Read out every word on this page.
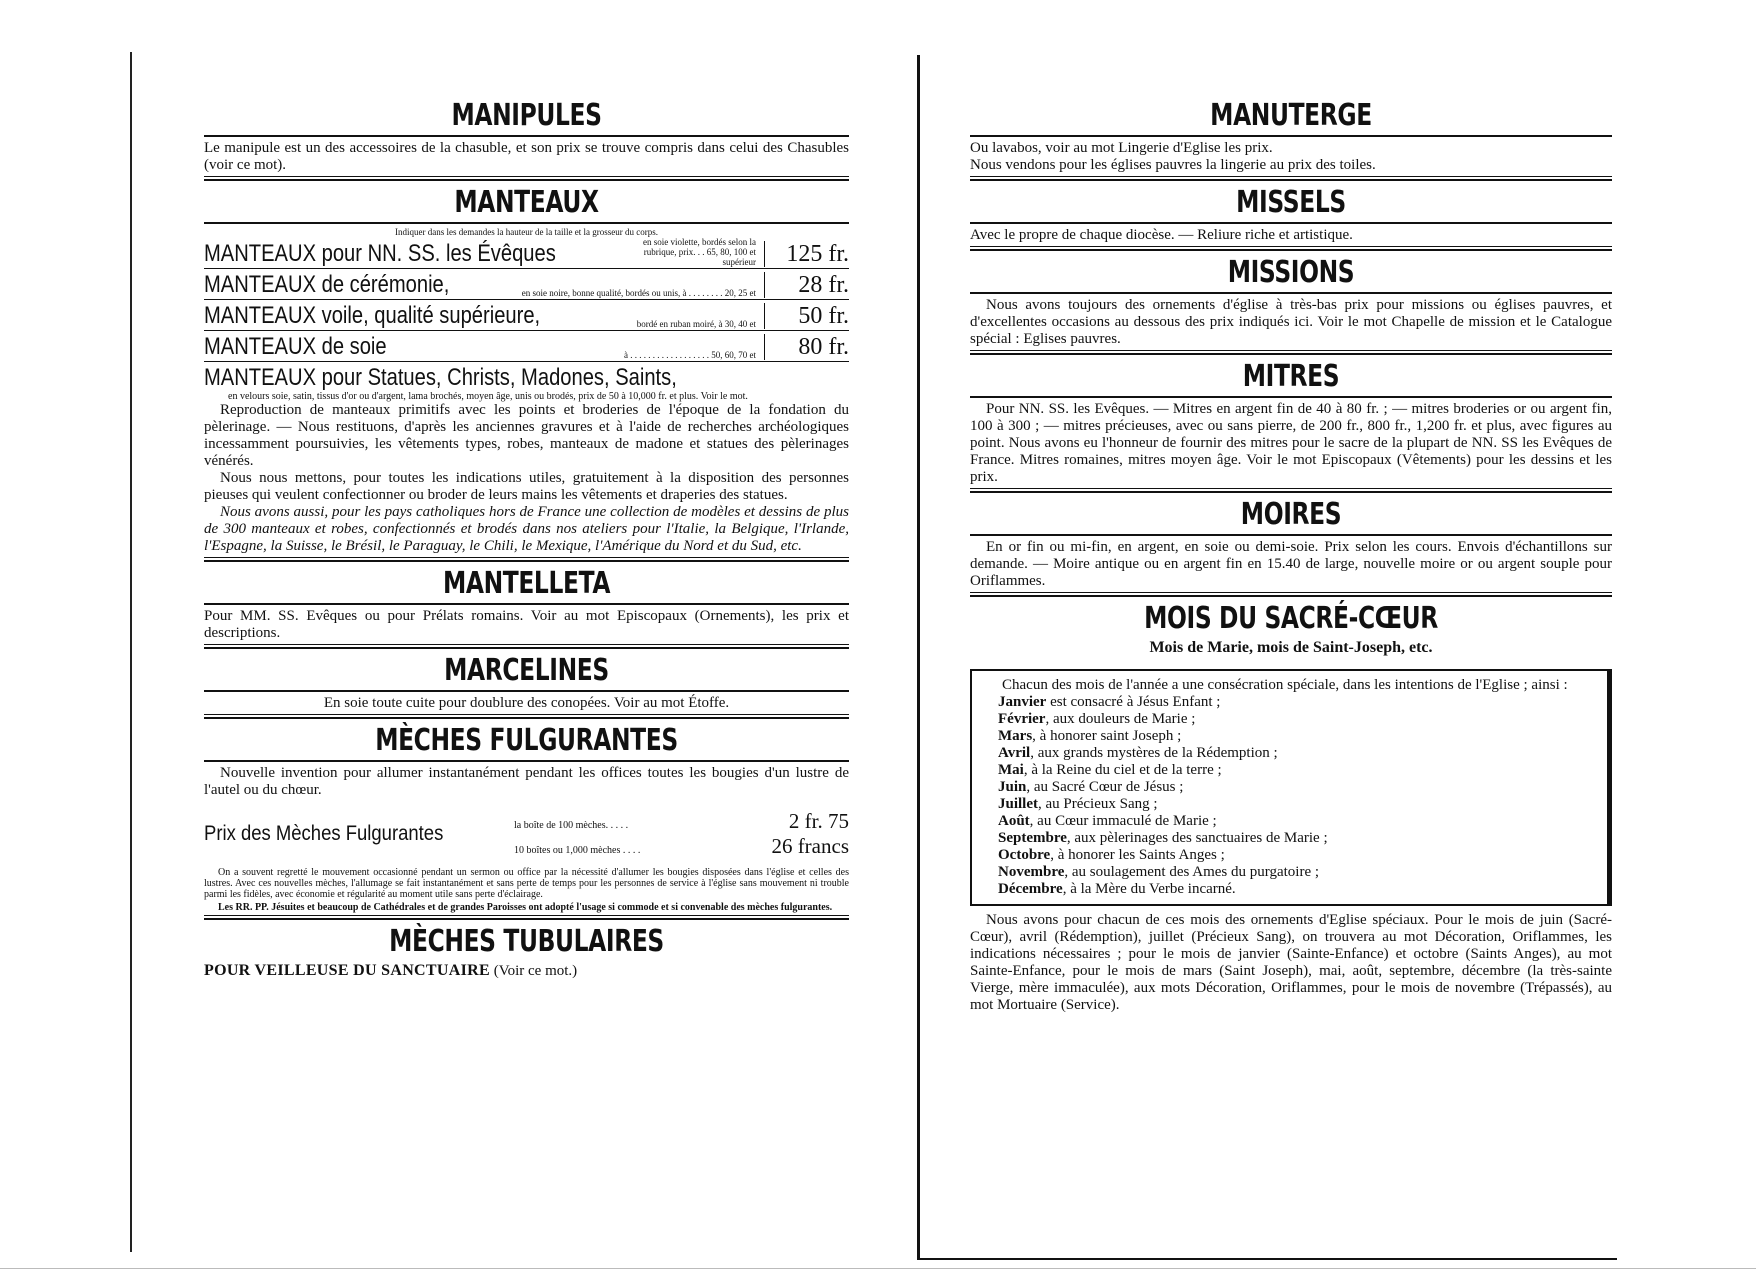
MANIPULES

Le manipule est un des accessoires de la chasuble, et son prix se trouve compris dans celui des Chasubles (voir ce mot).

MANTEAUX

Indiquer dans les demandes la hauteur de la taille et la grosseur du corps.

MANTEAUX pour NN. SS. les Évêques	en soie violette, bordés selon la rubrique, prix. . . 65, 80, 100 et supérieur	125 fr.
MANTEAUX de cérémonie,	en soie noire, bonne qualité, bordés ou unis, à . . . . . . . . 20, 25 et	28 fr.
MANTEAUX voile, qualité supérieure,	bordé en ruban moiré, à 30, 40 et	50 fr.
MANTEAUX de soie	à . . . . . . . . . . . . . . . . . . 50, 60, 70 et	80 fr.
MANTEAUX pour Statues, Christs, Madones, Saints,

en velours soie, satin, tissus d'or ou d'argent, lama brochés, moyen âge, unis ou brodés, prix de 50 à 10,000 fr. et plus. Voir le mot.

Reproduction de manteaux primitifs avec les points et broderies de l'époque de la fondation du pèlerinage. — Nous restituons, d'après les anciennes gravures et à l'aide de recherches archéologiques incessamment poursuivies, les vêtements types, robes, manteaux de madone et statues des pèlerinages vénérés.

Nous nous mettons, pour toutes les indications utiles, gratuitement à la disposition des personnes pieuses qui veulent confectionner ou broder de leurs mains les vêtements et draperies des statues.

Nous avons aussi, pour les pays catholiques hors de France une collection de modèles et dessins de plus de 300 manteaux et robes, confectionnés et brodés dans nos ateliers pour l'Italie, la Belgique, l'Irlande, l'Espagne, la Suisse, le Brésil, le Paraguay, le Chili, le Mexique, l'Amérique du Nord et du Sud, etc.

MANTELLETA

Pour MM. SS. Evêques ou pour Prélats romains. Voir au mot Episcopaux (Ornements), les prix et descriptions.

MARCELINES

En soie toute cuite pour doublure des conopées. Voir au mot Étoffe.

MÈCHES FULGURANTES

Nouvelle invention pour allumer instantanément pendant les offices toutes les bougies d'un lustre de l'autel ou du chœur.

Prix des Mèches Fulgurantes	la boîte de 100 mèches. . . . .	2 fr. 75
10 boîtes ou 1,000 mèches . . . .	26 francs

On a souvent regretté le mouvement occasionné pendant un sermon ou office par la nécessité d'allumer les bougies disposées dans l'église et celles des lustres. Avec ces nouvelles mèches, l'allumage se fait instantanément et sans perte de temps pour les personnes de service à l'église sans mouvement ni trouble parmi les fidèles, avec économie et régularité au moment utile sans perte d'éclairage.

Les RR. PP. Jésuites et beaucoup de Cathédrales et de grandes Paroisses ont adopté l'usage si commode et si convenable des mèches fulgurantes.

MÈCHES TUBULAIRES

POUR VEILLEUSE DU SANCTUAIRE (Voir ce mot.)

MANUTERGE

Ou lavabos, voir au mot Lingerie d'Eglise les prix.

Nous vendons pour les églises pauvres la lingerie au prix des toiles.

MISSELS

Avec le propre de chaque diocèse. — Reliure riche et artistique.

MISSIONS

Nous avons toujours des ornements d'église à très-bas prix pour missions ou églises pauvres, et d'excellentes occasions au dessous des prix indiqués ici. Voir le mot Chapelle de mission et le Catalogue spécial : Eglises pauvres.

MITRES

Pour NN. SS. les Evêques. — Mitres en argent fin de 40 à 80 fr. ; — mitres broderies or ou argent fin, 100 à 300 ; — mitres précieuses, avec ou sans pierre, de 200 fr., 800 fr., 1,200 fr. et plus, avec figures au point. Nous avons eu l'honneur de fournir des mitres pour le sacre de la plupart de NN. SS les Evêques de France. Mitres romaines, mitres moyen âge. Voir le mot Episcopaux (Vêtements) pour les dessins et les prix.

MOIRES

En or fin ou mi-fin, en argent, en soie ou demi-soie. Prix selon les cours. Envois d'échantillons sur demande. — Moire antique ou en argent fin en 15.40 de large, nouvelle moire or ou argent souple pour Oriflammes.

MOIS DU SACRÉ-CŒUR
Mois de Marie, mois de Saint-Joseph, etc.

Chacun des mois de l'année a une consécration spéciale, dans les intentions de l'Eglise ; ainsi :

Janvier est consacré à Jésus Enfant ;

Février, aux douleurs de Marie ;

Mars, à honorer saint Joseph ;

Avril, aux grands mystères de la Rédemption ;

Mai, à la Reine du ciel et de la terre ;

Juin, au Sacré Cœur de Jésus ;

Juillet, au Précieux Sang ;

Août, au Cœur immaculé de Marie ;

Septembre, aux pèlerinages des sanctuaires de Marie ;

Octobre, à honorer les Saints Anges ;

Novembre, au soulagement des Ames du purgatoire ;

Décembre, à la Mère du Verbe incarné.

Nous avons pour chacun de ces mois des ornements d'Eglise spéciaux. Pour le mois de juin (Sacré-Cœur), avril (Rédemption), juillet (Précieux Sang), on trouvera au mot Décoration, Oriflammes, les indications nécessaires ; pour le mois de janvier (Sainte-Enfance) et octobre (Saints Anges), au mot Sainte-Enfance, pour le mois de mars (Saint Joseph), mai, août, septembre, décembre (la très-sainte Vierge, mère immaculée), aux mots Décoration, Oriflammes, pour le mois de novembre (Trépassés), au mot Mortuaire (Service).
